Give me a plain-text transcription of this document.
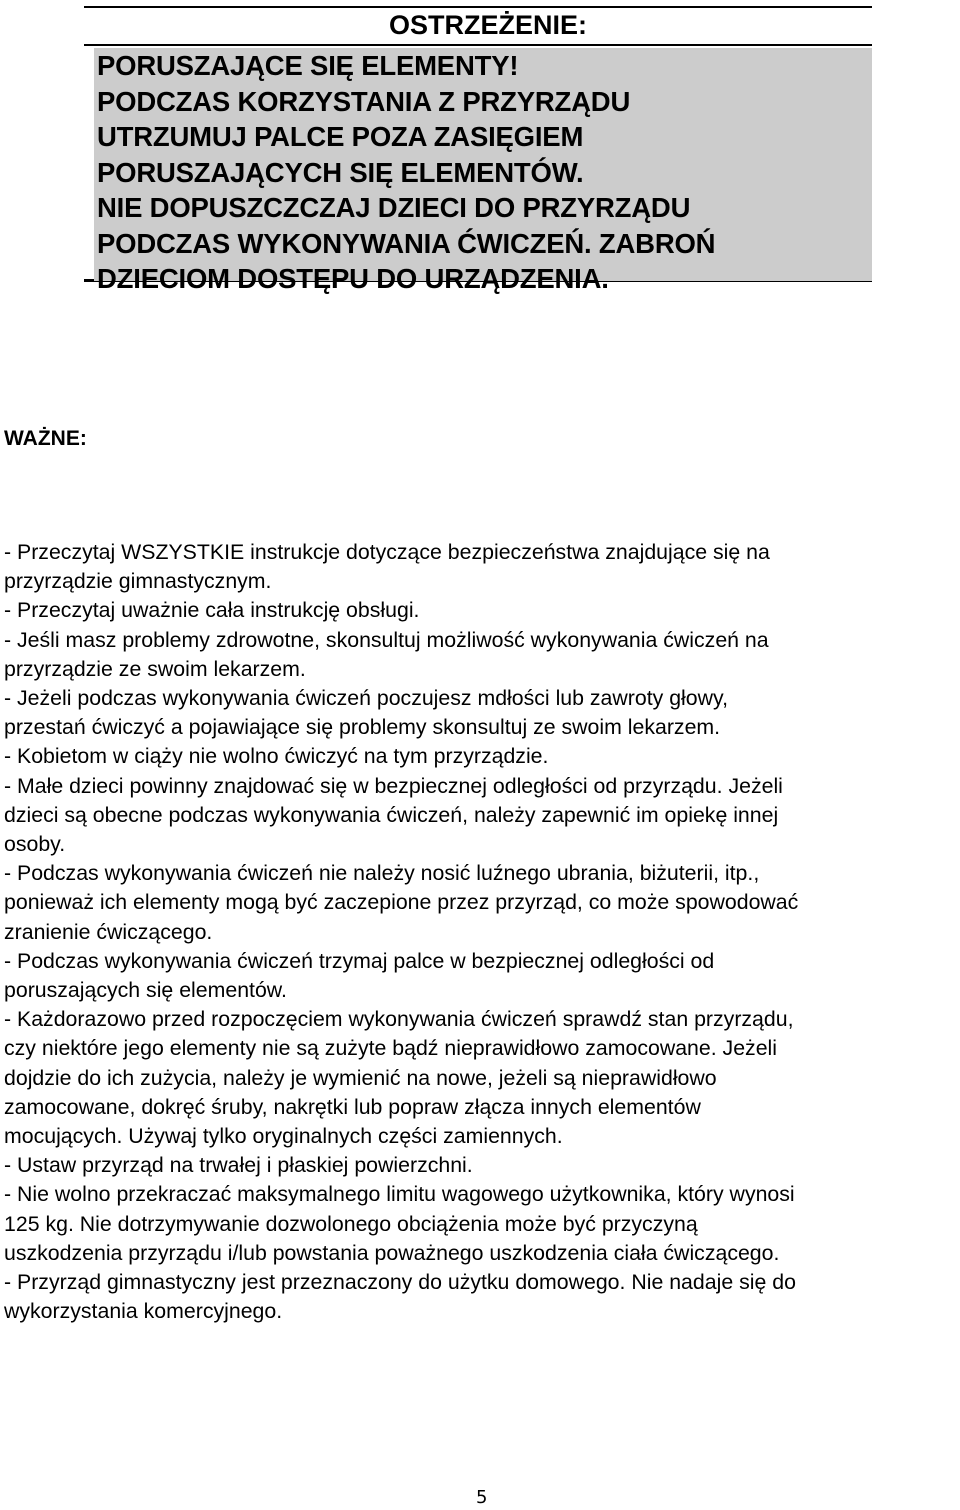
OSTRZEŻENIE:
PORUSZAJĄCE SIĘ ELEMENTY!
PODCZAS KORZYSTANIA Z PRZYRZĄDU
UTRZUMUJ PALCE POZA ZASIĘGIEM
PORUSZAJĄCYCH SIĘ ELEMENTÓW.
NIE DOPUSZCZCZAJ DZIECI DO PRZYRZĄDU
PODCZAS WYKONYWANIA ĆWICZEŃ. ZABROŃ
DZIECIOM DOSTĘPU DO URZĄDZENIA.
WAŻNE:
- Przeczytaj WSZYSTKIE instrukcje dotyczące bezpieczeństwa znajdujące się na
przyrządzie gimnastycznym.
- Przeczytaj uważnie cała instrukcję obsługi.
- Jeśli masz problemy zdrowotne, skonsultuj możliwość wykonywania ćwiczeń na
przyrządzie ze swoim lekarzem.
- Jeżeli podczas wykonywania ćwiczeń poczujesz mdłości lub zawroty głowy,
przestań ćwiczyć a pojawiające się problemy skonsultuj ze swoim lekarzem.
- Kobietom w ciąży nie wolno ćwiczyć na tym przyrządzie.
- Małe dzieci powinny znajdować się w bezpiecznej odległości od przyrządu. Jeżeli
dzieci są obecne podczas wykonywania ćwiczeń, należy zapewnić im opiekę innej
osoby.
- Podczas wykonywania ćwiczeń nie należy nosić luźnego ubrania, biżuterii, itp.,
ponieważ ich elementy mogą być zaczepione przez przyrząd, co może spowodować
zranienie ćwiczącego.
- Podczas wykonywania ćwiczeń trzymaj palce w bezpiecznej odległości od
poruszających się elementów.
- Każdorazowo przed rozpoczęciem wykonywania ćwiczeń sprawdź stan przyrządu,
czy niektóre jego elementy nie są zużyte bądź nieprawidłowo zamocowane. Jeżeli
dojdzie do ich zużycia, należy je wymienić na nowe, jeżeli są nieprawidłowo
zamocowane, dokręć śruby, nakrętki lub popraw złącza innych elementów
mocujących. Używaj tylko oryginalnych części zamiennych.
- Ustaw przyrząd na trwałej i płaskiej powierzchni.
- Nie wolno przekraczać maksymalnego limitu wagowego użytkownika, który wynosi
125 kg. Nie dotrzymywanie dozwolonego obciążenia może być przyczyną
uszkodzenia przyrządu i/lub powstania poważnego uszkodzenia ciała ćwiczącego.
- Przyrząd gimnastyczny jest przeznaczony do użytku domowego. Nie nadaje się do
wykorzystania komercyjnego.
5
